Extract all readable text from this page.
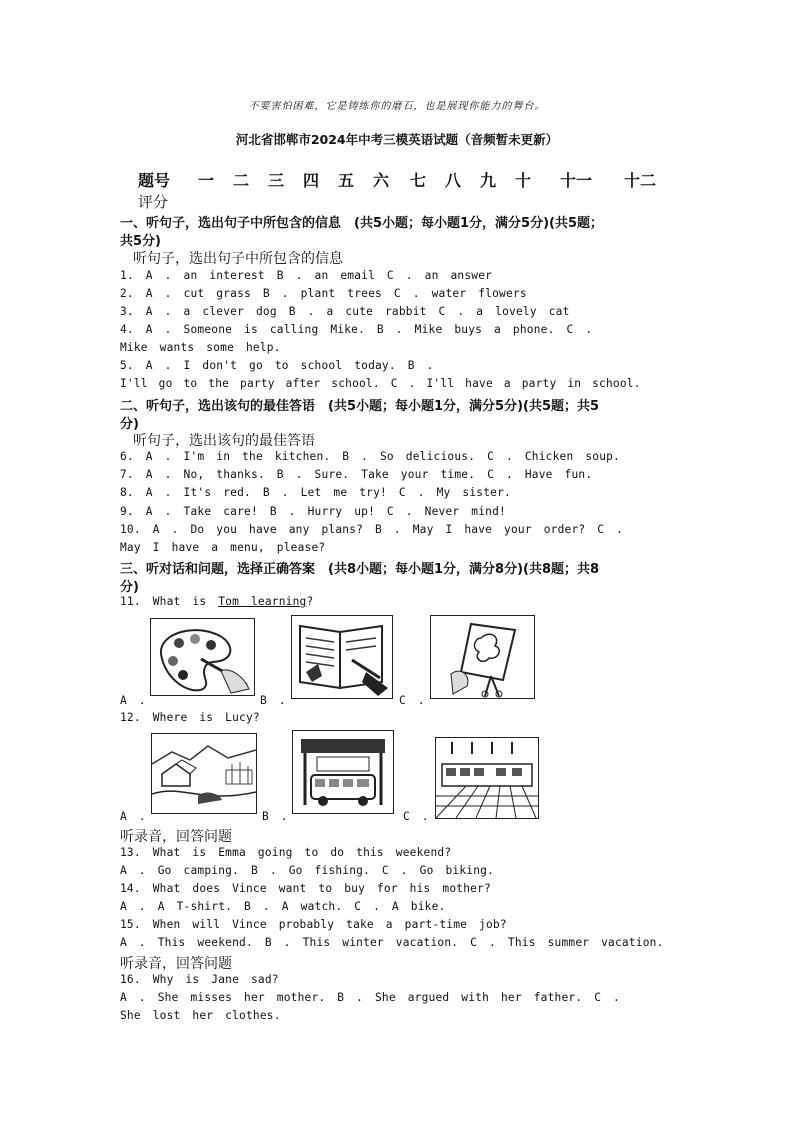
不要害怕困难，它是铸练你的磨石，也是展现你能力的舞台。
河北省邯郸市2024年中考三模英语试题（音频暂未更新）
题号 一 二 三 四 五 六 七 八 九 十 十一 十二
评分
一、听句子，选出句子中所包含的信息　(共5小题；每小题1分，满分5分)(共5题；
共5分)
听句子，选出句子中所包含的信息
1. A . an interest B . an email C . an answer
2. A . cut grass B . plant trees C . water flowers
3. A . a clever dog B . a cute rabbit C . a lovely cat
4. A . Someone is calling Mike. B . Mike buys a phone. C .
Mike wants some help.
5. A . I don't go to school today. B .
I'll go to the party after school. C . I'll have a party in school.
二、听句子，选出该句的最佳答语　(共5小题；每小题1分，满分5分)(共5题；共5
分)
听句子，选出该句的最佳答语
6. A . I'm in the kitchen. B . So delicious. C . Chicken soup.
7. A . No, thanks. B . Sure. Take your time. C . Have fun.
8. A . It's red. B . Let me try! C . My sister.
9. A . Take care! B . Hurry up! C . Never mind!
10. A . Do you have any plans? B . May I have your order? C .
May I have a menu, please?
三、听对话和问题，选择正确答案　(共8小题；每小题1分，满分8分)(共8题；共8
分)
11. What is Tom learning?
A .	B .	C .
12. Where is Lucy?
A .	B .	C .
听录音，回答问题
13. What is Emma going to do this weekend?
A . Go camping. B . Go fishing. C . Go biking.
14. What does Vince want to buy for his mother?
A . A T-shirt. B . A watch. C . A bike.
15. When will Vince probably take a part-time job?
A . This weekend. B . This winter vacation. C . This summer vacation.
听录音，回答问题
16. Why is Jane sad?
A . She misses her mother. B . She argued with her father. C .
She lost her clothes.
